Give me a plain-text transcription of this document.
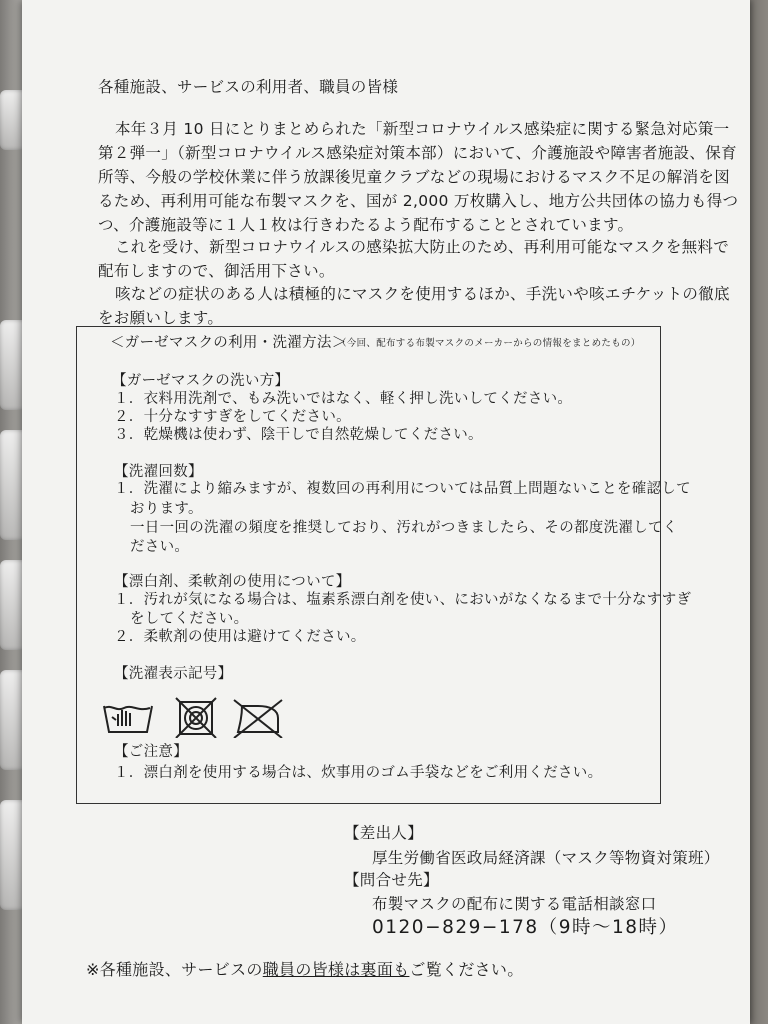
各種施設、サービスの利用者、職員の皆様
本年３月 10 日にとりまとめられた「新型コロナウイルス感染症に関する緊急対応策一
第２弾一」（新型コロナウイルス感染症対策本部）において、介護施設や障害者施設、保育
所等、今般の学校休業に伴う放課後児童クラブなどの現場におけるマスク不足の解消を図
るため、再利用可能な布製マスクを、国が 2,000 万枚購入し、地方公共団体の協力も得つ
つ、介護施設等に１人１枚は行きわたるよう配布することとされています。
これを受け、新型コロナウイルスの感染拡大防止のため、再利用可能なマスクを無料で
配布しますので、御活用下さい。
咳などの症状のある人は積極的にマスクを使用するほか、手洗いや咳エチケットの徹底
をお願いします。
＜ガーゼマスクの利用・洗濯方法＞
（今回、配布する布製マスクのメーカーからの情報をまとめたもの）
【ガーゼマスクの洗い方】
１．衣料用洗剤で、もみ洗いではなく、軽く押し洗いしてください。
２．十分なすすぎをしてください。
３．乾燥機は使わず、陰干しで自然乾燥してください。
【洗濯回数】
１．洗濯により縮みますが、複数回の再利用については品質上問題ないことを確認して
おります。
一日一回の洗濯の頻度を推奨しており、汚れがつきましたら、その都度洗濯してく
ださい。
【漂白剤、柔軟剤の使用について】
１．汚れが気になる場合は、塩素系漂白剤を使い、においがなくなるまで十分なすすぎ
をしてください。
２．柔軟剤の使用は避けてください。
【洗濯表示記号】
【ご注意】
１．漂白剤を使用する場合は、炊事用のゴム手袋などをご利用ください。
【差出人】
厚生労働省医政局経済課（マスク等物資対策班）
【問合せ先】
布製マスクの配布に関する電話相談窓口
0120−829−178（9時〜18時）
※各種施設、サービスの職員の皆様は裏面もご覧ください。
